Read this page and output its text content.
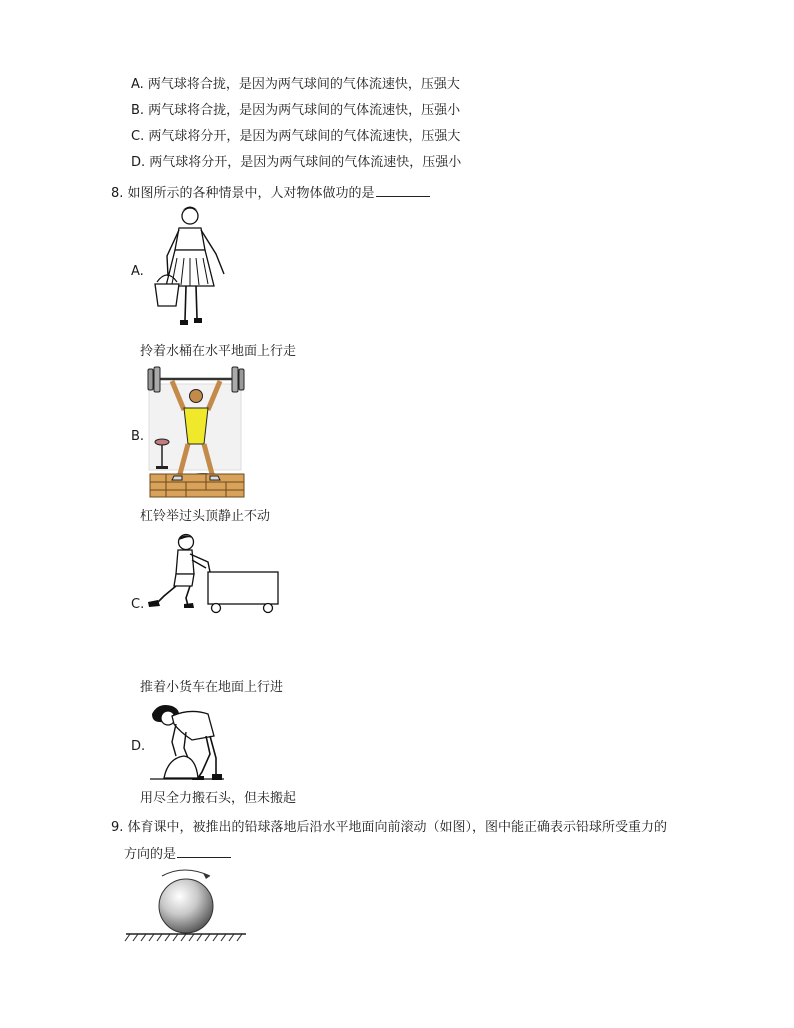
A. 两气球将合拢，是因为两气球间的气体流速快，压强大
B. 两气球将合拢，是因为两气球间的气体流速快，压强小
C. 两气球将分开，是因为两气球间的气体流速快，压强大
D. 两气球将分开，是因为两气球间的气体流速快，压强小
8. 如图所示的各种情景中，人对物体做功的是
A.
拎着水桶在水平地面上行走
B.
杠铃举过头顶静止不动
C.
推着小货车在地面上行进
D.
用尽全力搬石头，但未搬起
9. 体育课中，被推出的铅球落地后沿水平地面向前滚动（如图），图中能正确表示铅球所受重力的
方向的是
